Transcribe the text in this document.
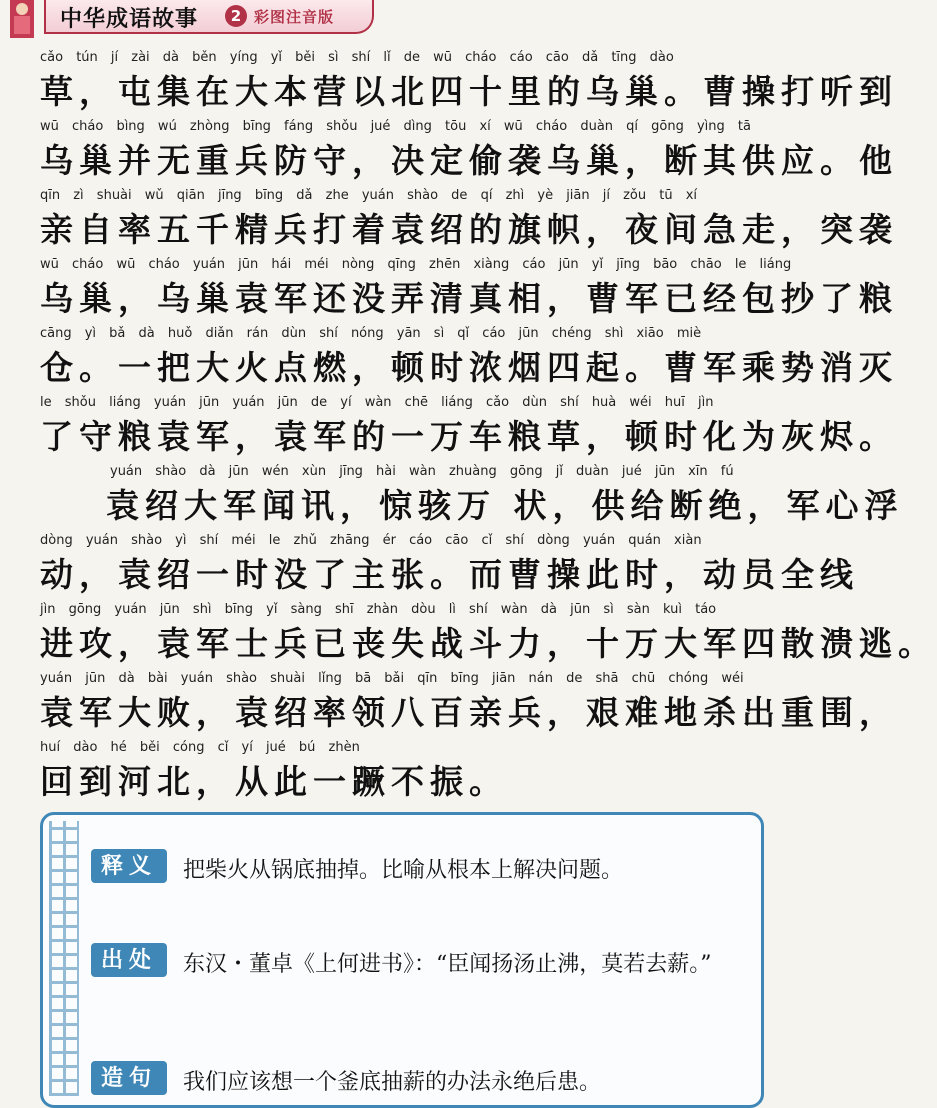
中华成语故事	2 彩图注音版
cǎo tún jí zài dà běn yíng yǐ běi sì shí lǐ de wū cháo cáo cāo dǎ tīng dào
草，屯集在大本营以北四十里的乌巢。曹操打听到
wū cháo bìng wú zhòng bīng fáng shǒu jué dìng tōu xí wū cháo duàn qí gōng yìng tā
乌巢并无重兵防守，决定偷袭乌巢，断其供应。他
qīn zì shuài wǔ qiān jīng bīng dǎ zhe yuán shào de qí zhì yè jiān jí zǒu tū xí
亲自率五千精兵打着袁绍的旗帜，夜间急走，突袭
wū cháo wū cháo yuán jūn hái méi nòng qīng zhēn xiàng cáo jūn yǐ jīng bāo chāo le liáng
乌巢，乌巢袁军还没弄清真相，曹军已经包抄了粮
cāng yì bǎ dà huǒ diǎn rán dùn shí nóng yān sì qǐ cáo jūn chéng shì xiāo miè
仓。一把大火点燃，顿时浓烟四起。曹军乘势消灭
le shǒu liáng yuán jūn yuán jūn de yí wàn chē liáng cǎo dùn shí huà wéi huī jìn
了守粮袁军，袁军的一万车粮草，顿时化为灰烬。
yuán shào dà jūn wén xùn jīng hài wàn zhuàng gōng jǐ duàn jué jūn xīn fú
袁绍大军闻讯，惊骇万 状，供给断绝，军心浮
dòng yuán shào yì shí méi le zhǔ zhāng ér cáo cāo cǐ shí dòng yuán quán xiàn
动，袁绍一时没了主张。而曹操此时，动员全线
jìn gōng yuán jūn shì bīng yǐ sàng shī zhàn dòu lì shí wàn dà jūn sì sàn kuì táo
进攻，袁军士兵已丧失战斗力，十万大军四散溃逃。
yuán jūn dà bài yuán shào shuài lǐng bā bǎi qīn bīng jiān nán de shā chū chóng wéi
袁军大败，袁绍率领八百亲兵，艰难地杀出重围，
huí dào hé běi cóng cǐ yí jué bú zhèn
回到河北，从此一蹶不振。
释义	把柴火从锅底抽掉。比喻从根本上解决问题。
出处	东汉・董卓《上何进书》：“臣闻扬汤止沸，莫若去薪。”
造句	我们应该想一个釜底抽薪的办法永绝后患。
